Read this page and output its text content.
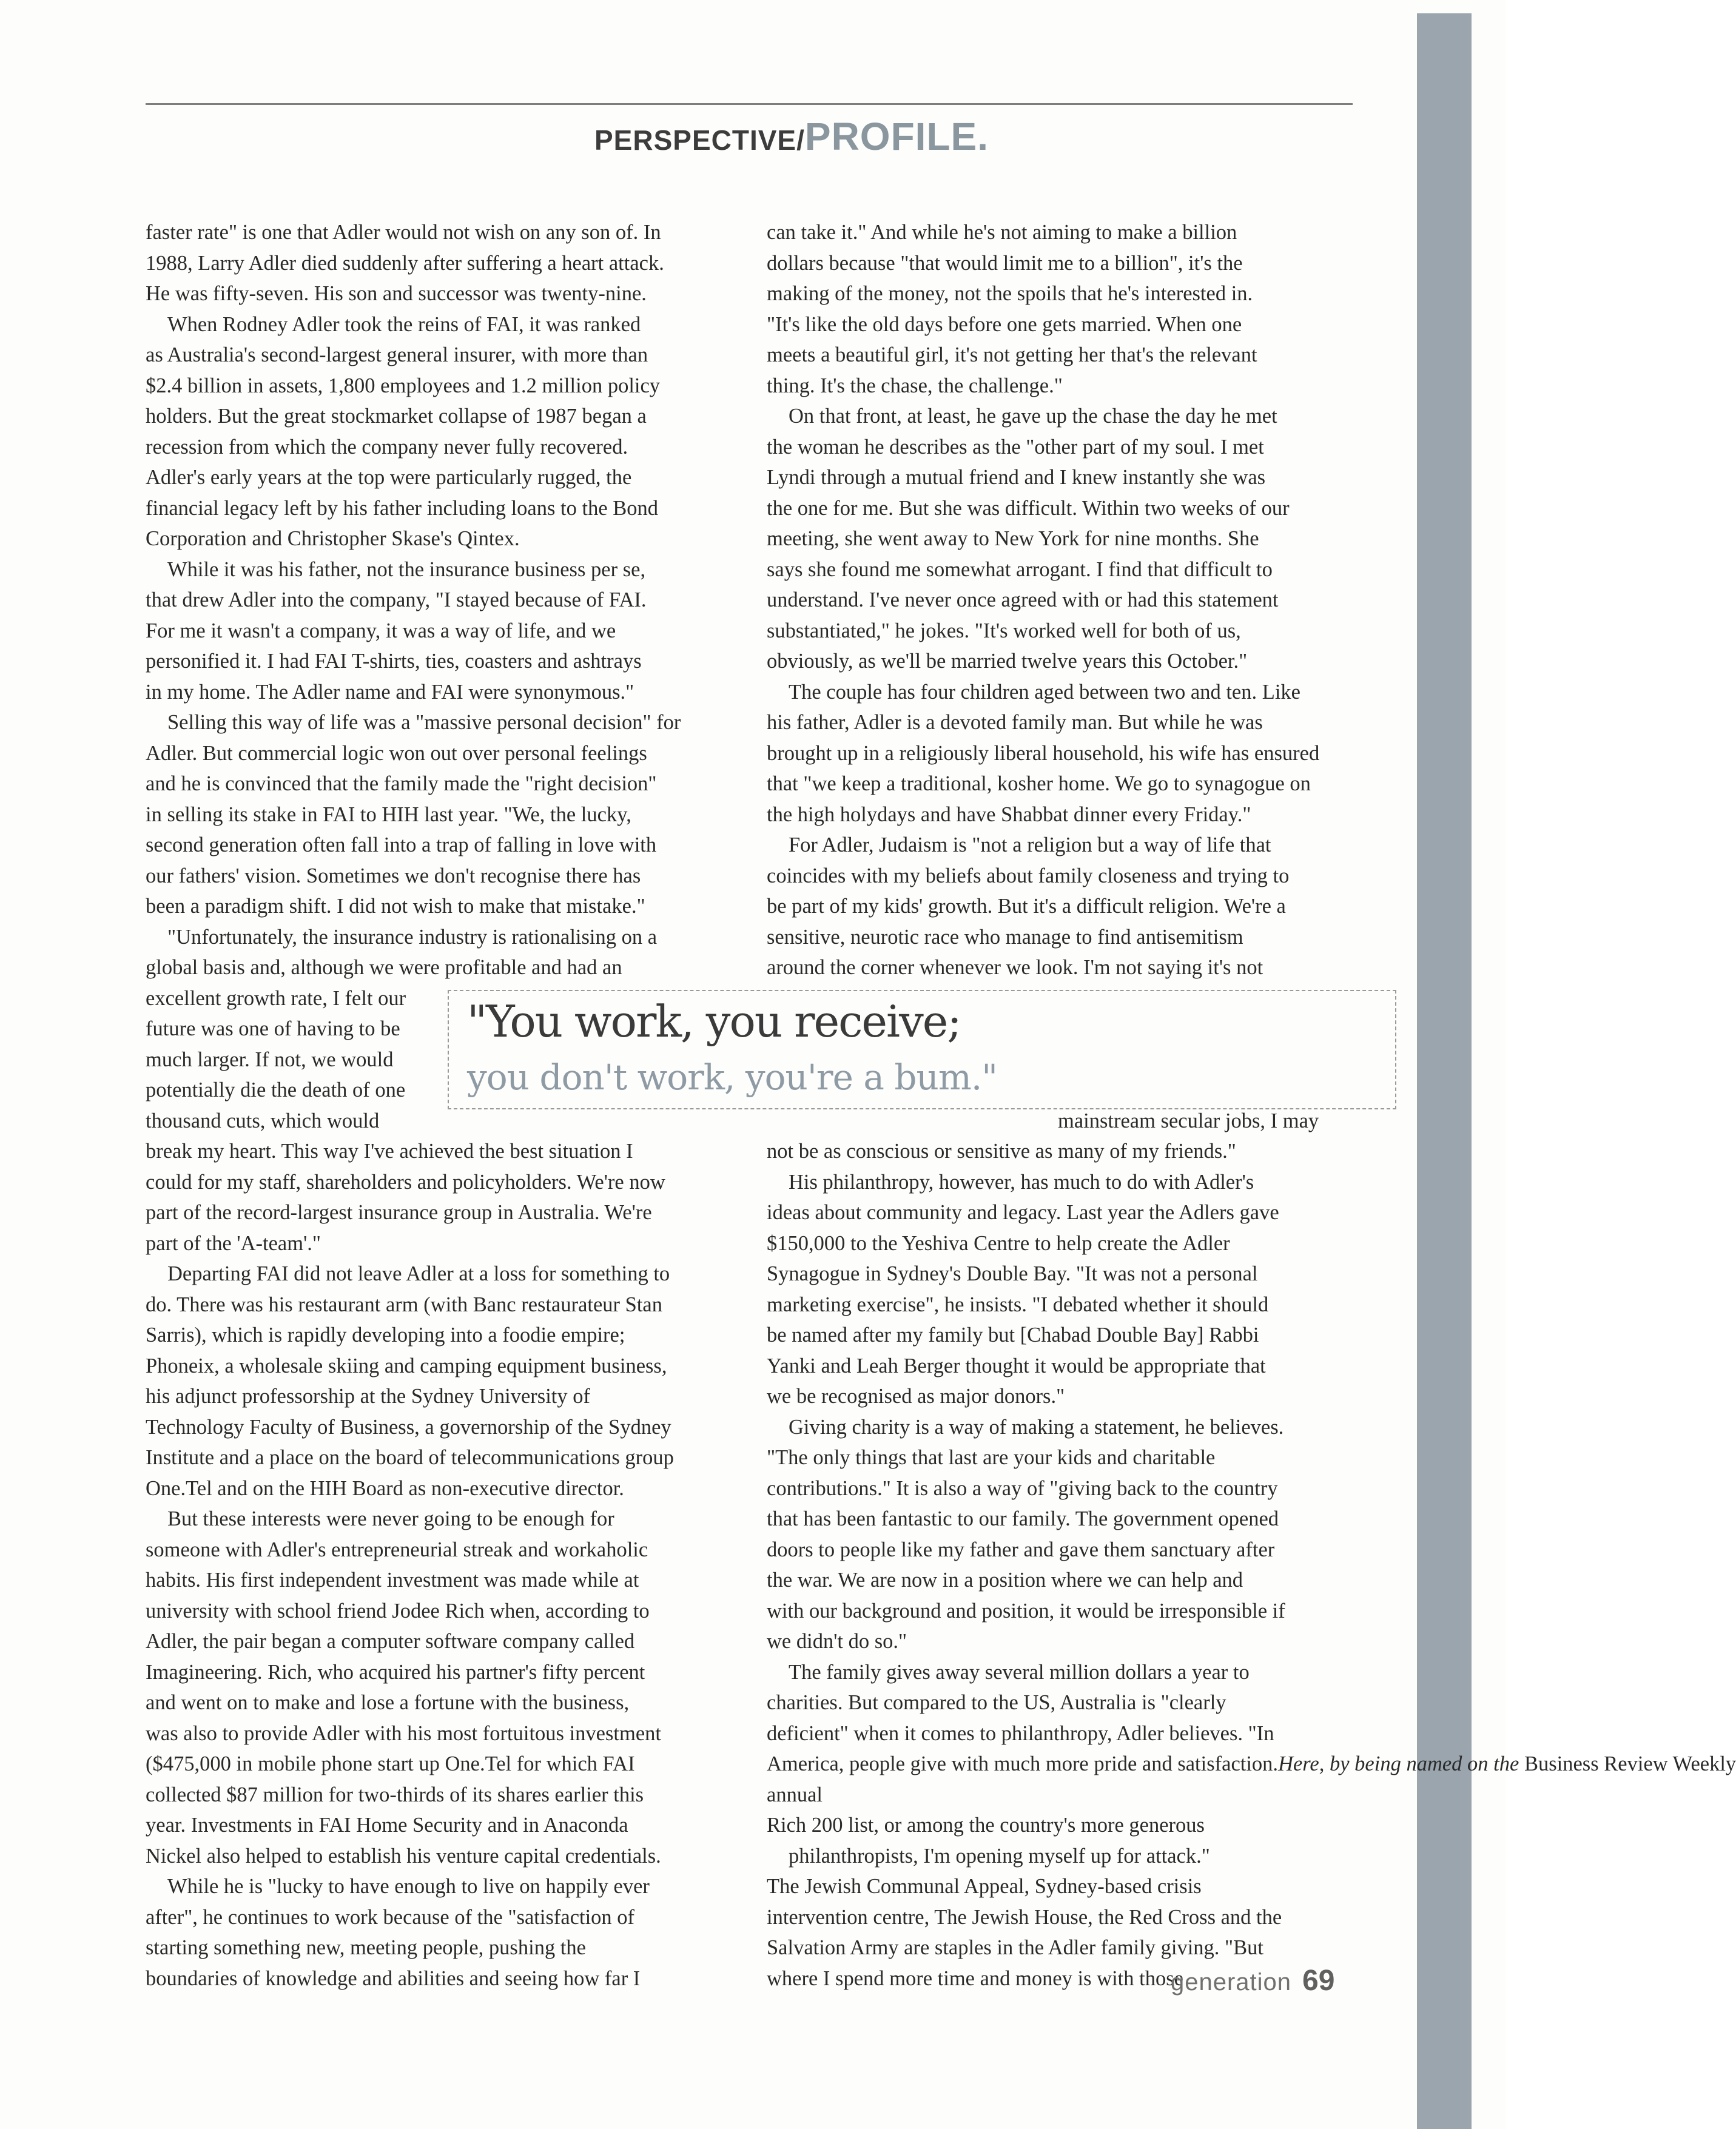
PERSPECTIVE/PROFILE.
faster rate" is one that Adler would not wish on any son of. In
1988, Larry Adler died suddenly after suffering a heart attack.
He was fifty-seven. His son and successor was twenty-nine.
When Rodney Adler took the reins of FAI, it was ranked
as Australia's second-largest general insurer, with more than
$2.4 billion in assets, 1,800 employees and 1.2 million policy
holders. But the great stockmarket collapse of 1987 began a
recession from which the company never fully recovered.
Adler's early years at the top were particularly rugged, the
financial legacy left by his father including loans to the Bond
Corporation and Christopher Skase's Qintex.
While it was his father, not the insurance business per se,
that drew Adler into the company, "I stayed because of FAI.
For me it wasn't a company, it was a way of life, and we
personified it. I had FAI T-shirts, ties, coasters and ashtrays
in my home. The Adler name and FAI were synonymous."
Selling this way of life was a "massive personal decision" for
Adler. But commercial logic won out over personal feelings
and he is convinced that the family made the "right decision"
in selling its stake in FAI to HIH last year. "We, the lucky,
second generation often fall into a trap of falling in love with
our fathers' vision. Sometimes we don't recognise there has
been a paradigm shift. I did not wish to make that mistake."
"Unfortunately, the insurance industry is rationalising on a
global basis and, although we were profitable and had an
excellent growth rate, I felt our
future was one of having to be
much larger. If not, we would
potentially die the death of one
thousand cuts, which would
break my heart. This way I've achieved the best situation I
could for my staff, shareholders and policyholders. We're now
part of the record-largest insurance group in Australia. We're
part of the 'A-team'."
Departing FAI did not leave Adler at a loss for something to
do. There was his restaurant arm (with Banc restaurateur Stan
Sarris), which is rapidly developing into a foodie empire;
Phoneix, a wholesale skiing and camping equipment business,
his adjunct professorship at the Sydney University of
Technology Faculty of Business, a governorship of the Sydney
Institute and a place on the board of telecommunications group
One.Tel and on the HIH Board as non-executive director.
But these interests were never going to be enough for
someone with Adler's entrepreneurial streak and workaholic
habits. His first independent investment was made while at
university with school friend Jodee Rich when, according to
Adler, the pair began a computer software company called
Imagineering. Rich, who acquired his partner's fifty percent
and went on to make and lose a fortune with the business,
was also to provide Adler with his most fortuitous investment
($475,000 in mobile phone start up One.Tel for which FAI
collected $87 million for two-thirds of its shares earlier this
year. Investments in FAI Home Security and in Anaconda
Nickel also helped to establish his venture capital credentials.
While he is "lucky to have enough to live on happily ever
after", he continues to work because of the "satisfaction of
starting something new, meeting people, pushing the
boundaries of knowledge and abilities and seeing how far I
can take it." And while he's not aiming to make a billion
dollars because "that would limit me to a billion", it's the
making of the money, not the spoils that he's interested in.
"It's like the old days before one gets married. When one
meets a beautiful girl, it's not getting her that's the relevant
thing. It's the chase, the challenge."
On that front, at least, he gave up the chase the day he met
the woman he describes as the "other part of my soul. I met
Lyndi through a mutual friend and I knew instantly she was
the one for me. But she was difficult. Within two weeks of our
meeting, she went away to New York for nine months. She
says she found me somewhat arrogant. I find that difficult to
understand. I've never once agreed with or had this statement
substantiated," he jokes. "It's worked well for both of us,
obviously, as we'll be married twelve years this October."
The couple has four children aged between two and ten. Like
his father, Adler is a devoted family man. But while he was
brought up in a religiously liberal household, his wife has ensured
that "we keep a traditional, kosher home. We go to synagogue on
the high holydays and have Shabbat dinner every Friday."
For Adler, Judaism is "not a religion but a way of life that
coincides with my beliefs about family closeness and trying to
be part of my kids' growth. But it's a difficult religion. We're a
sensitive, neurotic race who manage to find antisemitism
around the corner whenever we look. I'm not saying it's not
mainstream secular jobs, I may
not be as conscious or sensitive as many of my friends."
His philanthropy, however, has much to do with Adler's
ideas about community and legacy. Last year the Adlers gave
$150,000 to the Yeshiva Centre to help create the Adler
Synagogue in Sydney's Double Bay. "It was not a personal
marketing exercise", he insists. "I debated whether it should
be named after my family but [Chabad Double Bay] Rabbi
Yanki and Leah Berger thought it would be appropriate that
we be recognised as major donors."
Giving charity is a way of making a statement, he believes.
"The only things that last are your kids and charitable
contributions." It is also a way of "giving back to the country
that has been fantastic to our family. The government opened
doors to people like my father and gave them sanctuary after
the war. We are now in a position where we can help and
with our background and position, it would be irresponsible if
we didn't do so."
The family gives away several million dollars a year to
charities. But compared to the US, Australia is "clearly
deficient" when it comes to philanthropy, Adler believes. "In
America, people give with much more pride and satisfaction.Here, by being named on the Business Review Weekly
annual
Rich 200 list, or among the country's more generous
philanthropists, I'm opening myself up for attack."
The Jewish Communal Appeal, Sydney-based crisis
intervention centre, The Jewish House, the Red Cross and the
Salvation Army are staples in the Adler family giving. "But
where I spend more time and money is with those
"You work, you receive;
you don't work, you're a bum."
generation 69
